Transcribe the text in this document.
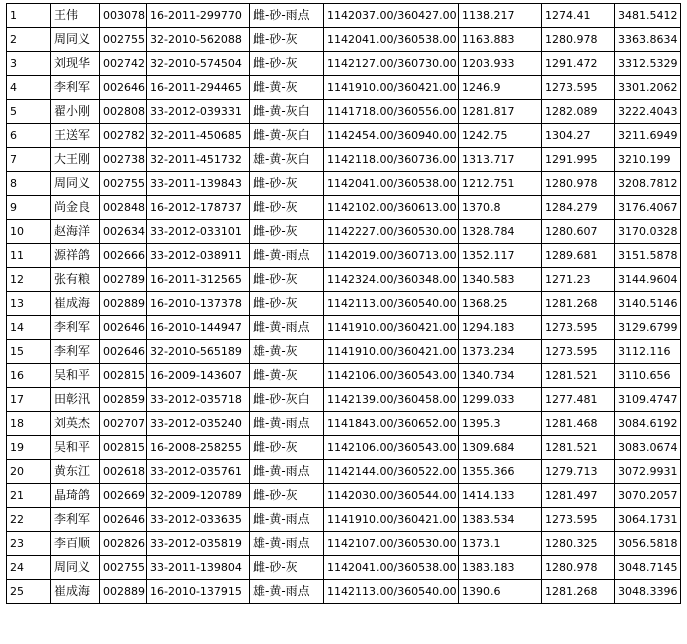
1	王伟	003078	16-2011-299770	雌-砂-雨点	1142037.00/360427.00	1138.217	1274.41	3481.5412
2	周同义	002755	32-2010-562088	雌-砂-灰	1142041.00/360538.00	1163.883	1280.978	3363.8634
3	刘现华	002742	32-2010-574504	雌-砂-灰	1142127.00/360730.00	1203.933	1291.472	3312.5329
4	李利军	002646	16-2011-294465	雌-黄-灰	1141910.00/360421.00	1246.9	1273.595	3301.2062
5	翟小刚	002808	33-2012-039331	雌-黄-灰白	1141718.00/360556.00	1281.817	1282.089	3222.4043
6	王送军	002782	32-2011-450685	雌-黄-灰白	1142454.00/360940.00	1242.75	1304.27	3211.6949
7	大王刚	002738	32-2011-451732	雄-黄-灰白	1142118.00/360736.00	1313.717	1291.995	3210.199
8	周同义	002755	33-2011-139843	雌-砂-灰	1142041.00/360538.00	1212.751	1280.978	3208.7812
9	尚金良	002848	16-2012-178737	雌-砂-灰	1142102.00/360613.00	1370.8	1284.279	3176.4067
10	赵海洋	002634	33-2012-033101	雌-砂-灰	1142227.00/360530.00	1328.784	1280.607	3170.0328
11	源祥鸽	002666	33-2012-038911	雌-黄-雨点	1142019.00/360713.00	1352.117	1289.681	3151.5878
12	张有粮	002789	16-2011-312565	雌-砂-灰	1142324.00/360348.00	1340.583	1271.23	3144.9604
13	崔成海	002889	16-2010-137378	雌-砂-灰	1142113.00/360540.00	1368.25	1281.268	3140.5146
14	李利军	002646	16-2010-144947	雌-黄-雨点	1141910.00/360421.00	1294.183	1273.595	3129.6799
15	李利军	002646	32-2010-565189	雄-黄-灰	1141910.00/360421.00	1373.234	1273.595	3112.116
16	吴和平	002815	16-2009-143607	雌-黄-灰	1142106.00/360543.00	1340.734	1281.521	3110.656
17	田彰汛	002859	33-2012-035718	雌-砂-灰白	1142139.00/360458.00	1299.033	1277.481	3109.4747
18	刘英杰	002707	33-2012-035240	雌-黄-雨点	1141843.00/360652.00	1395.3	1281.468	3084.6192
19	吴和平	002815	16-2008-258255	雌-砂-灰	1142106.00/360543.00	1309.684	1281.521	3083.0674
20	黄东江	002618	33-2012-035761	雌-黄-雨点	1142144.00/360522.00	1355.366	1279.713	3072.9931
21	晶琦鸽	002669	32-2009-120789	雌-砂-灰	1142030.00/360544.00	1414.133	1281.497	3070.2057
22	李利军	002646	33-2012-033635	雌-黄-雨点	1141910.00/360421.00	1383.534	1273.595	3064.1731
23	李百顺	002826	33-2012-035819	雄-黄-雨点	1142107.00/360530.00	1373.1	1280.325	3056.5818
24	周同义	002755	33-2011-139804	雌-砂-灰	1142041.00/360538.00	1383.183	1280.978	3048.7145
25	崔成海	002889	16-2010-137915	雄-黄-雨点	1142113.00/360540.00	1390.6	1281.268	3048.3396
